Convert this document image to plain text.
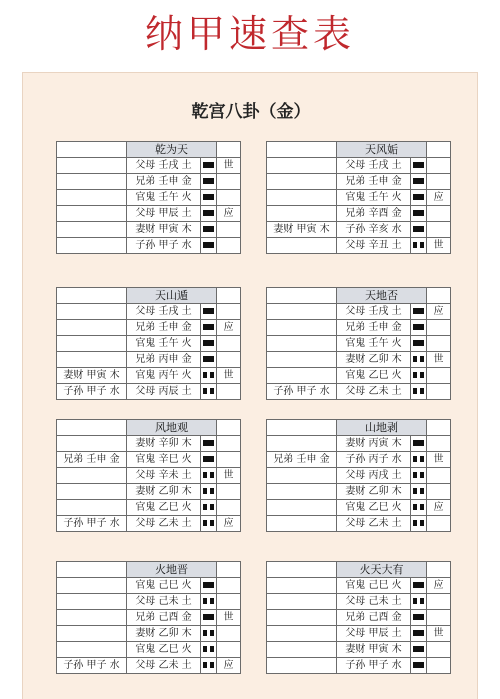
纳甲速查表
乾宫八卦（金）
	乾为天		
	父母 壬戌 土		世
	兄弟 壬申 金		
	官鬼 壬午 火		
	父母 甲辰 土		应
	妻财 甲寅 木		
	子孙 甲子 水		
	天风姤		
	父母 壬戌 土		
	兄弟 壬申 金		
	官鬼 壬午 火		应
	兄弟 辛酉 金		
妻财 甲寅 木	子孙 辛亥 水		
	父母 辛丑 土		世
	天山遁		
	父母 壬戌 土		
	兄弟 壬申 金		应
	官鬼 壬午 火		
	兄弟 丙申 金		
妻财 甲寅 木	官鬼 丙午 火		世
子孙 甲子 水	父母 丙辰 土		
	天地否		
	父母 壬戌 土		应
	兄弟 壬申 金		
	官鬼 壬午 火		
	妻财 乙卯 木		世
	官鬼 乙巳 火		
子孙 甲子 水	父母 乙未 土		
	风地观		
	妻财 辛卯 木		
兄弟 壬申 金	官鬼 辛巳 火		
	父母 辛未 土		世
	妻财 乙卯 木		
	官鬼 乙巳 火		
子孙 甲子 水	父母 乙未 土		应
	山地剥		
	妻财 丙寅 木		
兄弟 壬申 金	子孙 丙子 水		世
	父母 丙戌 土		
	妻财 乙卯 木		
	官鬼 乙巳 火		应
	父母 乙未 土		
	火地晋		
	官鬼 己巳 火		
	父母 己未 土		
	兄弟 己酉 金		世
	妻财 乙卯 木		
	官鬼 乙巳 火		
子孙 甲子 水	父母 乙未 土		应
	火天大有		
	官鬼 己巳 火		应
	父母 己未 土		
	兄弟 己酉 金		
	父母 甲辰 土		世
	妻财 甲寅 木		
	子孙 甲子 水		
